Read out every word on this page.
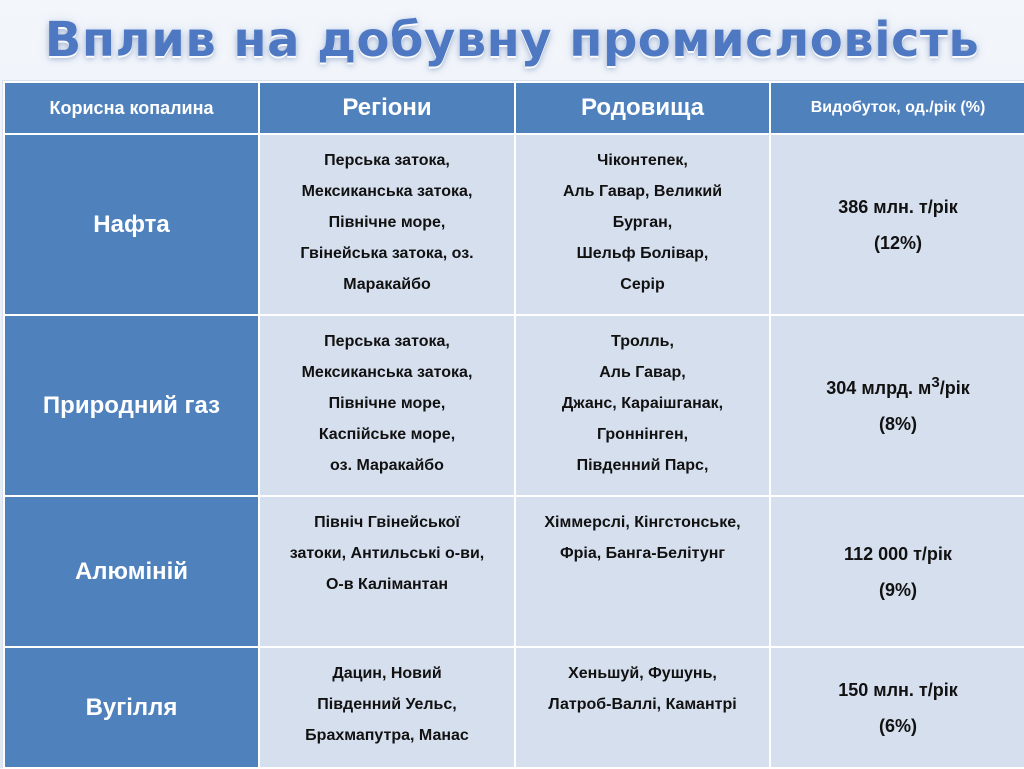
Вплив на добувну промисловість
Корисна копалина	Регіони	Родовища	Видобуток, од./рік (%)
Нафта	Перська затока,
Мексиканська затока,
Північне море,
Гвінейська затока, оз.
Маракайбо	Чіконтепек,
Аль Гавар, Великий
Бурган,
Шельф Болівар,
Серір	386 млн. т/рік
(12%)

Природний газ	Перська затока,
Мексиканська затока,
Північне море,
Каспійське море,
оз. Маракайбо	Тролль,
Аль Гавар,
Джанс, Караішганак,
Гроннінген,
Південний Парс,	304 млрд. $м^3$/рік
(8%)

Алюміній	Північ Гвінейської
затоки, Антильські о-ви,
О-в Калімантан	Хіммерслі, Кінгстонське,
Фріа, Банга-Белітунг	112 000 т/рік
(9%)

Вугілля	Дацин, Новий
Південний Уельс,
Брахмапутра, Манас	Хеньшуй, Фушунь,
Латроб-Валлі, Камантрі	150 млн. т/рік
(6%)
